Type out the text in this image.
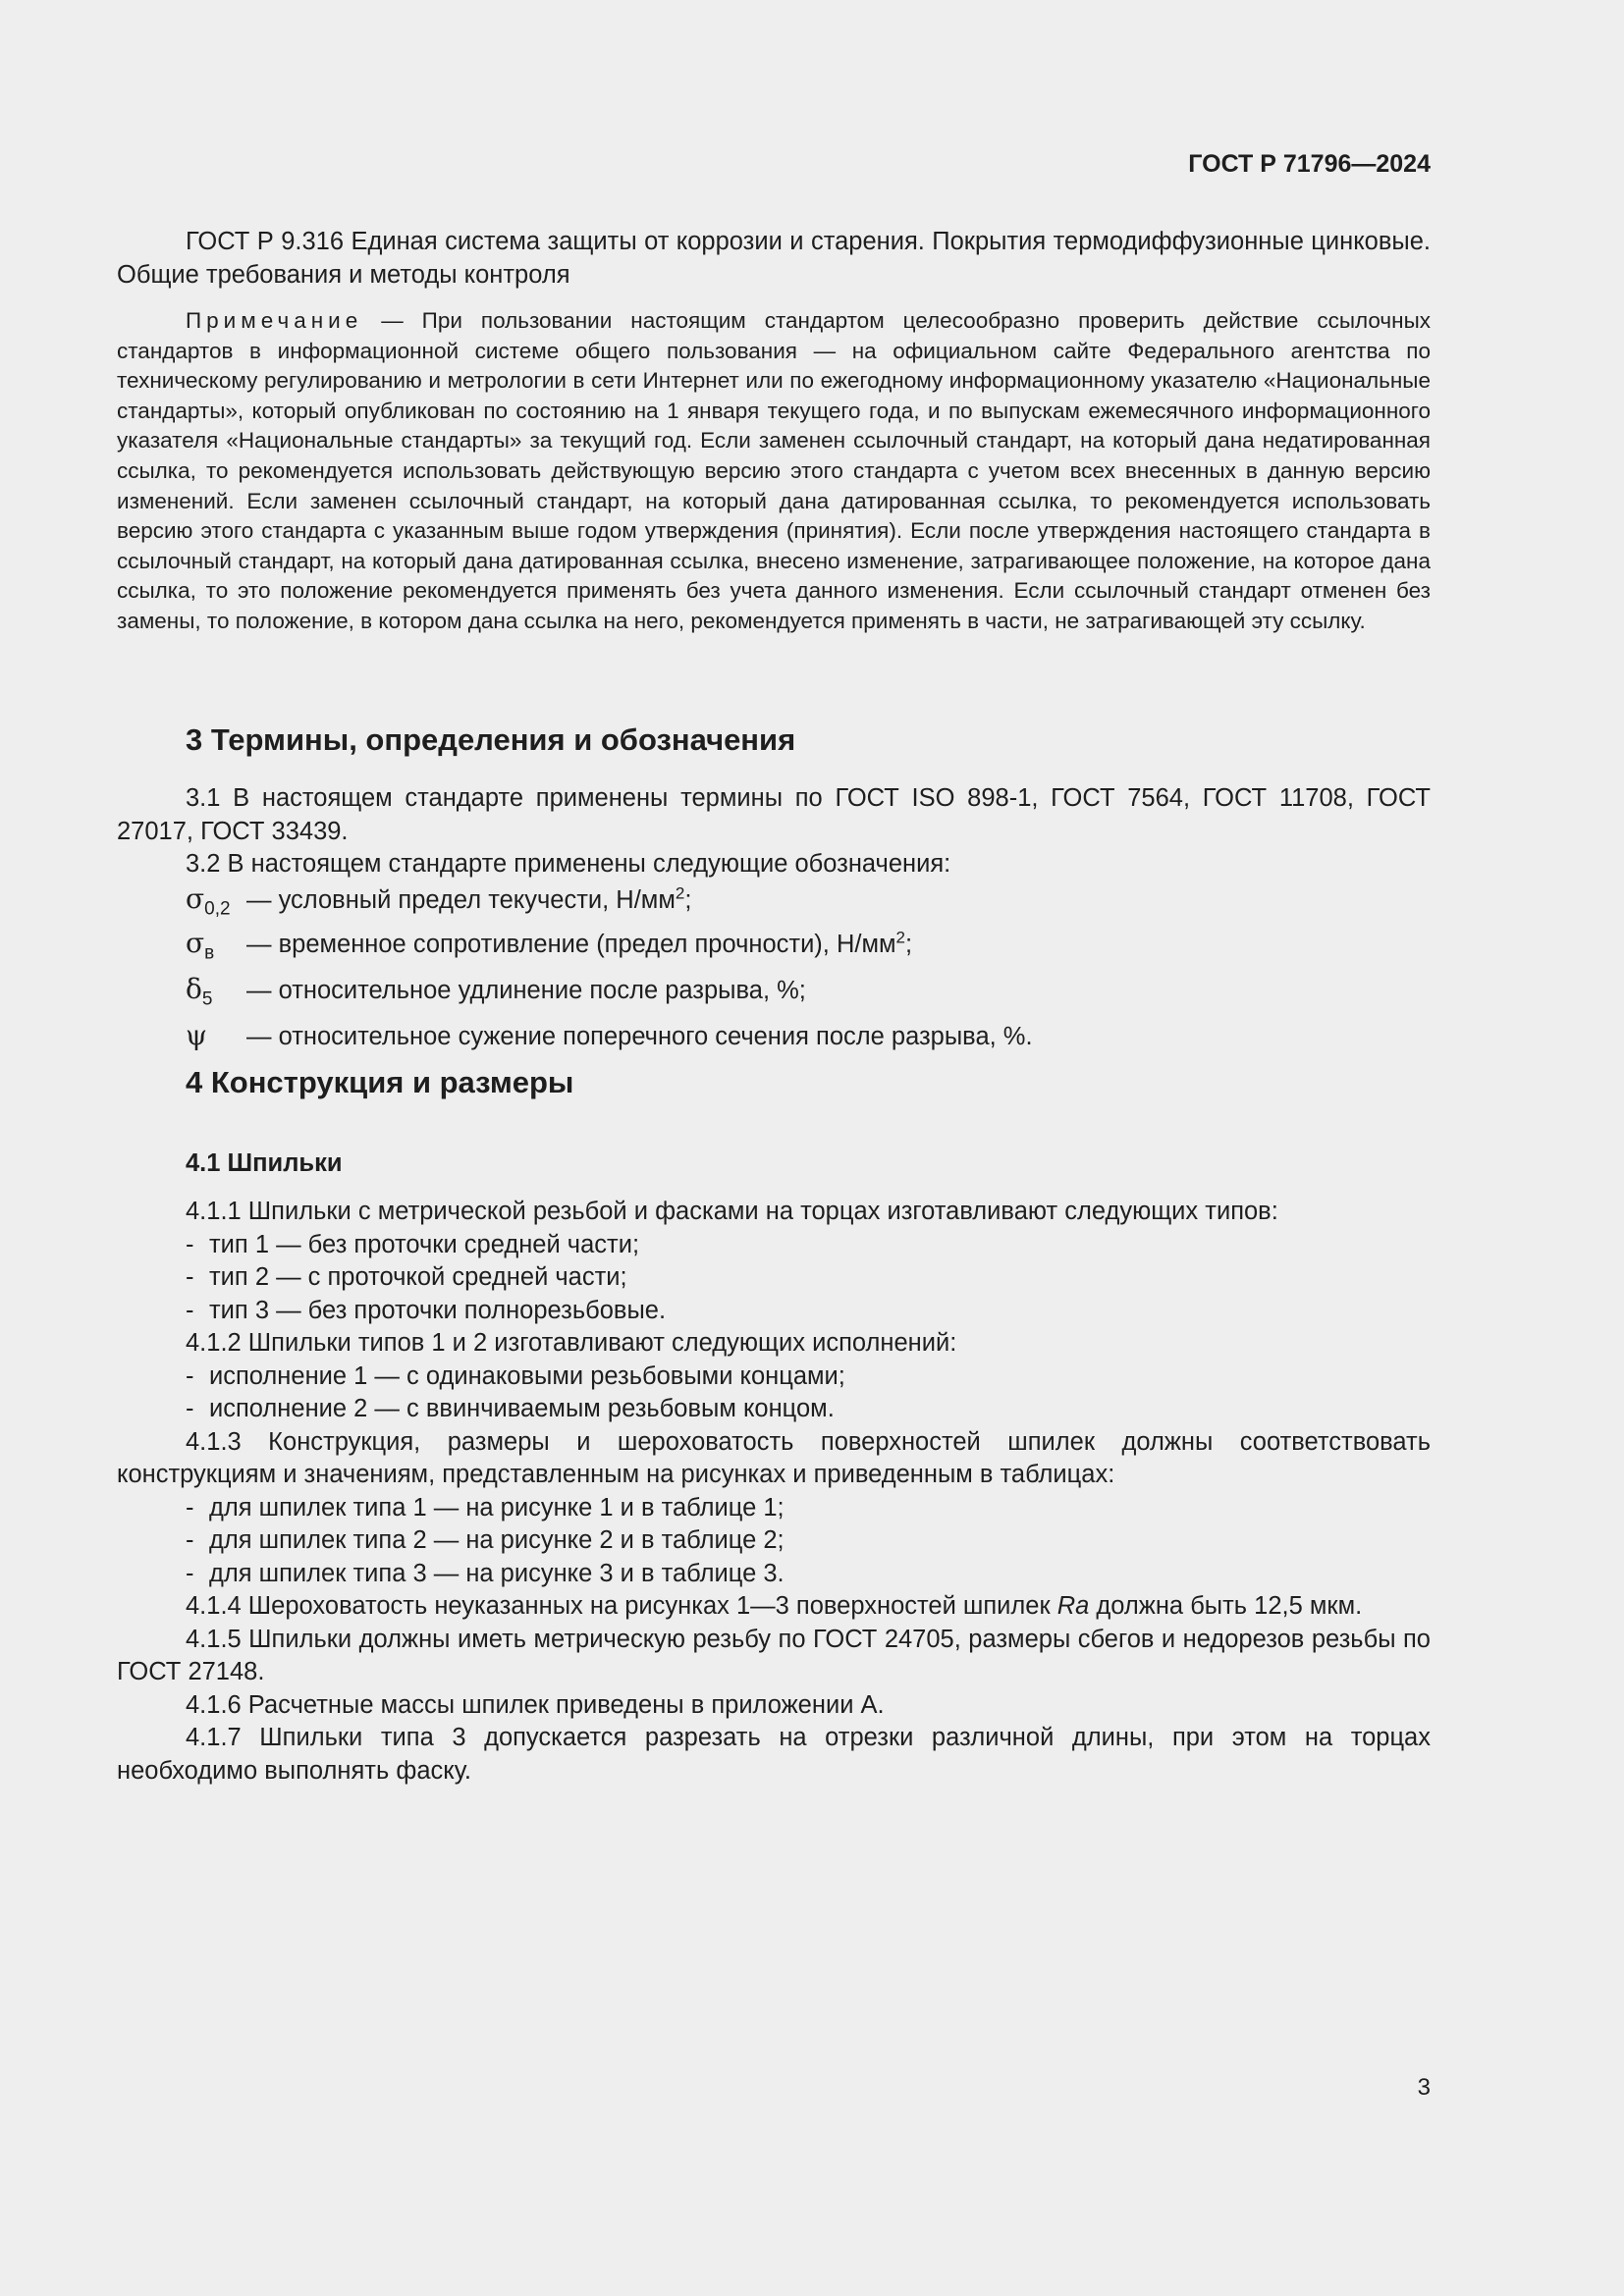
ГОСТ Р 71796—2024

ГОСТ Р 9.316 Единая система защиты от коррозии и старения. Покрытия термодиффузионные цинковые. Общие требования и методы контроля

Примечание — При пользовании настоящим стандартом целесообразно проверить действие ссылочных стандартов в информационной системе общего пользования — на официальном сайте Федерального агентства по техническому регулированию и метрологии в сети Интернет или по ежегодному информационному указателю «Национальные стандарты», который опубликован по состоянию на 1 января текущего года, и по выпускам ежемесячного информационного указателя «Национальные стандарты» за текущий год. Если заменен ссылочный стандарт, на который дана недатированная ссылка, то рекомендуется использовать действующую версию этого стандарта с учетом всех внесенных в данную версию изменений. Если заменен ссылочный стандарт, на который дана датированная ссылка, то рекомендуется использовать версию этого стандарта с указанным выше годом утверждения (принятия). Если после утверждения настоящего стандарта в ссылочный стандарт, на который дана датированная ссылка, внесено изменение, затрагивающее положение, на которое дана ссылка, то это положение рекомендуется применять без учета данного изменения. Если ссылочный стандарт отменен без замены, то положение, в котором дана ссылка на него, рекомендуется применять в части, не затрагивающей эту ссылку.

3 Термины, определения и обозначения

3.1 В настоящем стандарте применены термины по ГОСТ ISO 898-1, ГОСТ 7564, ГОСТ 11708, ГОСТ 27017, ГОСТ 33439.

3.2 В настоящем стандарте применены следующие обозначения:

$\sigma_{0,2}$ — условный предел текучести, $Н/мм^2$;
$\sigma_в$	— временное сопротивление (предел прочности), $Н/мм^2$;
$\delta_5$	— относительное удлинение после разрыва, %;
ψ	— относительное сужение поперечного сечения после разрыва, %.
4 Конструкция и размеры
4.1 Шпильки

4.1.1 Шпильки с метрической резьбой и фасками на торцах изготавливают следующих типов:

- тип 1 — без проточки средней части;
- тип 2 — с проточкой средней части;
- тип 3 — без проточки полнорезьбовые.

4.1.2 Шпильки типов 1 и 2 изготавливают следующих исполнений:

- исполнение 1 — с одинаковыми резьбовыми концами;
- исполнение 2 — с ввинчиваемым резьбовым концом.

4.1.3 Конструкция, размеры и шероховатость поверхностей шпилек должны соответствовать конструкциям и значениям, представленным на рисунках и приведенным в таблицах:

- для шпилек типа 1 — на рисунке 1 и в таблице 1;
- для шпилек типа 2 — на рисунке 2 и в таблице 2;
- для шпилек типа 3 — на рисунке 3 и в таблице 3.

4.1.4 Шероховатость неуказанных на рисунках 1—3 поверхностей шпилек Ra должна быть 12,5 мкм.

4.1.5 Шпильки должны иметь метрическую резьбу по ГОСТ 24705, размеры сбегов и недорезов резьбы по ГОСТ 27148.

4.1.6 Расчетные массы шпилек приведены в приложении А.

4.1.7 Шпильки типа 3 допускается разрезать на отрезки различной длины, при этом на торцах необходимо выполнять фаску.

3
